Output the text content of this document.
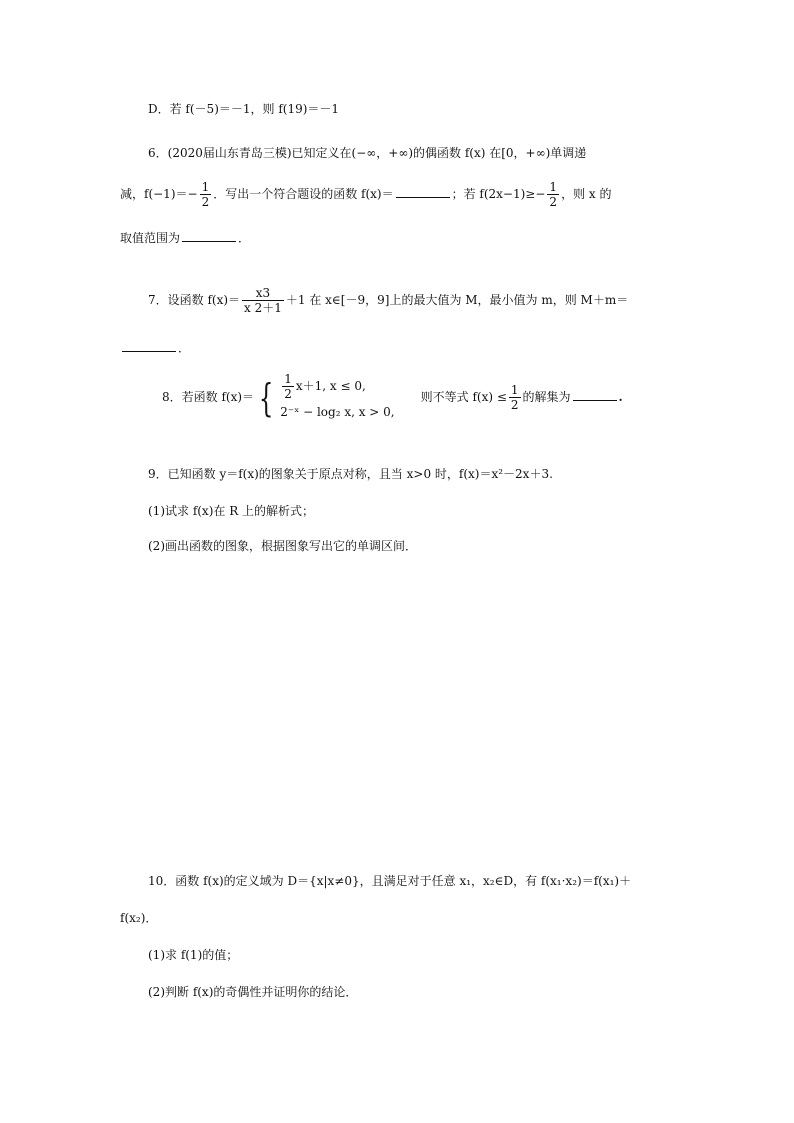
D．若 f(－5)＝－1，则 f(19)＝－1
6．(2020届山东青岛三模)已知定义在(−∞，+∞)的偶函数 f(x) 在[0，+∞)单调递
减，$f(-1)=- \frac{1}{2}$ ．写出一个符合题设的函数 f(x)＝	；若 $f(2x-1)\ge- \frac{1}{2}$ ，则 x 的
取值范围为	．
7．设函数 $f(x)= \frac{x3}{x 2+1} +1$ 在 x∈[－9，9]上的最大值为 M，最小值为 m，则 M＋m＝
．
8．若函数 f(x)＝ { $\frac{1}{2} x+1$, x ≤ 0,
2⁻ˣ − log₂ x, x > 0,
则不等式 $f(x) \le \frac{1}{2}$ 的解集为	.
9．已知函数 y＝f(x)的图象关于原点对称，且当 x>0 时，f(x)＝x²－2x＋3.
(1)试求 f(x)在 R 上的解析式；
(2)画出函数的图象，根据图象写出它的单调区间．
10．函数 f(x)的定义域为 D＝{x|x≠0}，且满足对于任意 x₁，x₂∈D，有 f(x₁·x₂)＝f(x₁)＋
f(x₂)．
(1)求 f(1)的值；
(2)判断 f(x)的奇偶性并证明你的结论．
